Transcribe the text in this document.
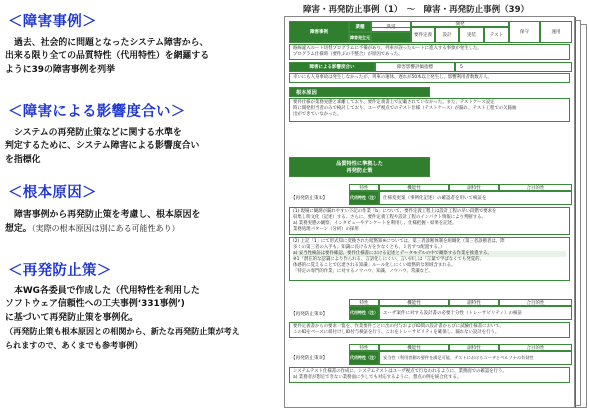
＜障害事例＞
過去、社会的に問題となったシステム障害から、
出来る限り全ての品質特性（代用特性）を網羅する
ように39の障害事例を列挙
＜障害による影響度合い＞
システムの再発防止策などに関する水準を
判定するために、システム障害による影響度合い
を指標化
＜根本原因＞
障害事例から再発防止策を考慮し、根本原因を
想定。（実際の根本原因は別にある可能性あり）
＜再発防止策＞
本WG各委員で作成した（代用特性を利用した
ソフトウェア信頼性への工夫事例‘331事例’)
に基づいて再発防止策を事例化。
（再発防止策も根本原因との相関から、新たな再発防止策が考え
られますので、あくまでも参考事例）
障害・再発防止事例（1）　～　障害・再発防止事例（39）
障害事例
業種
障害発生元
鉄道	開発
要件定義 設計	実装	テスト
保守	運用
路線違入ルート切替プログラムに不備があり、列車が誤ったルートに進入する事象が発生した。
プログラム仕様時（要件ぶの不整合）が原因であった。
障害による影響度合い	障害影響評価指標	5
幸いにも人身事故は発生しなかったが、列車の運休、遅れが50本以上発生し、影響利用者数数万人。
根本原因
要件仕様が業務実態と乖離しており、要件定義書上で記載されていなかった。また、テストケース設定
時に開発担当者のみで検討しており、ユーザ視点でのテスト仕様（テストケース）が漏れ、テスト工程での欠陥抽
出ができていなかった。
品質特性に準拠した
再発防止策
特性	機能性	副特性	合目的性
【再発防止策①】	代用特性（注）	仕様変更案（事例化記述）の確認者を用いて検証を
(1) 現場に観測が漏れやすい下記の作業「b」について、要件定義工程上は設計工程の早い段階で要求を
収集し明文化（記述）する。さらに、要件定義工程や設計工程のインパクト情報により判断する。
a) 業務実態の観察、インタビューやアンケートを利用し、仕様把握・結果を記述。
業務処理パターン（分析）の採用
(2) 上記「1」にて形式知に変換された暗黙知※については、第三者診断体制を組織化（第三者診断者は、際
多くの第三者の入手も。知識に長ける方を少なくとも、１名ずつ配置する。）
a) 妥当性検証は要件確認、要件仕様書における記述とデータモデルの中で観察する作業を推進する。
※1「潜在的な認識により作られる、言語化しにくい、言い回しは「言葉で学ばなくても発覚的、
体感的に覚えることで伝達される知識」ルール化しにくい暗黙的な領域含まれる。
「特定の専門的作業」に対するノウハウ、知識、ノウハウ、常識など。
特性	機能性	副特性	合目的性
【再発防止策②】	代用特性（注）	ユーザ案件に対する設計書の必要十分性（トレーサビリティ）の検証
要件定義書からの要求一覧を、作業要件ごとに出の付与およびID間の設計書からびに試験仕様書において、
このIDをベースに紐付けしID付与検証を行う。これをトレーサビリティを確保し、漏れない設計を行う。
特性	機能性	副特性	合目的性
【再発防止策③】	代用特性（注）	妥当性（利用者側の要件を満足可能、テストにおけるユーザとペルソナの有効性
システムテスト仕様書の作成に、システムテストはユーザ視点で行なわれるように、業務面での確認を行う。
a) 業務者が想定できない業務面に少しでも対応するように、想点の例を統合化する。
